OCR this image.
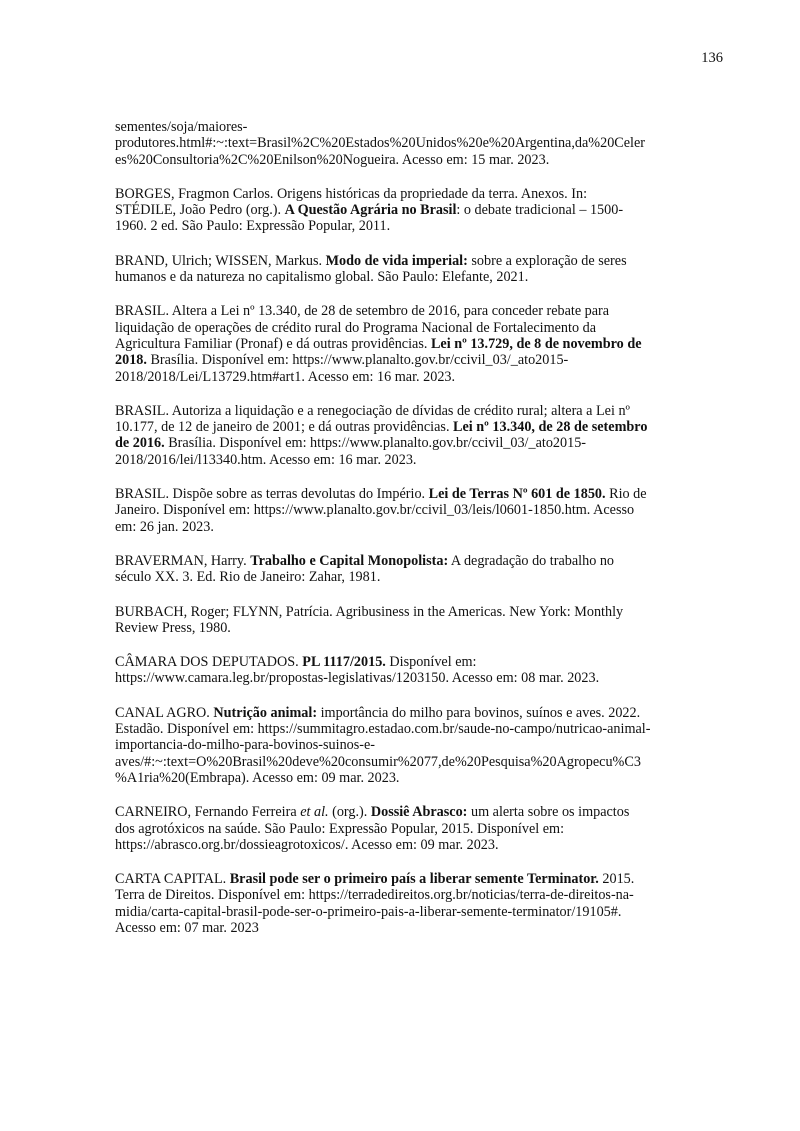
136

sementes/soja/maiores-
produtores.html#:~:text=Brasil%2C%20Estados%20Unidos%20e%20Argentina,da%20Celer
es%20Consultoria%2C%20Enilson%20Nogueira. Acesso em: 15 mar. 2023.

BORGES, Fragmon Carlos. Origens históricas da propriedade da terra. Anexos. In:
STÉDILE, João Pedro (org.). A Questão Agrária no Brasil: o debate tradicional – 1500-
1960. 2 ed. São Paulo: Expressão Popular, 2011.

BRAND, Ulrich; WISSEN, Markus. Modo de vida imperial: sobre a exploração de seres
humanos e da natureza no capitalismo global. São Paulo: Elefante, 2021.

BRASIL. Altera a Lei nº 13.340, de 28 de setembro de 2016, para conceder rebate para
liquidação de operações de crédito rural do Programa Nacional de Fortalecimento da
Agricultura Familiar (Pronaf) e dá outras providências. Lei nº 13.729, de 8 de novembro de
2018. Brasília. Disponível em: https://www.planalto.gov.br/ccivil_03/_ato2015-
2018/2018/Lei/L13729.htm#art1. Acesso em: 16 mar. 2023.

BRASIL. Autoriza a liquidação e a renegociação de dívidas de crédito rural; altera a Lei nº
10.177, de 12 de janeiro de 2001; e dá outras providências. Lei nº 13.340, de 28 de setembro
de 2016. Brasília. Disponível em: https://www.planalto.gov.br/ccivil_03/_ato2015-
2018/2016/lei/l13340.htm. Acesso em: 16 mar. 2023.

BRASIL. Dispõe sobre as terras devolutas do Império. Lei de Terras Nº 601 de 1850. Rio de
Janeiro. Disponível em: https://www.planalto.gov.br/ccivil_03/leis/l0601-1850.htm. Acesso
em: 26 jan. 2023.

BRAVERMAN, Harry. Trabalho e Capital Monopolista: A degradação do trabalho no
século XX. 3. Ed. Rio de Janeiro: Zahar, 1981.

BURBACH, Roger; FLYNN, Patrícia. Agribusiness in the Americas. New York: Monthly
Review Press, 1980.

CÂMARA DOS DEPUTADOS. PL 1117/2015. Disponível em:
https://www.camara.leg.br/propostas-legislativas/1203150. Acesso em: 08 mar. 2023.

CANAL AGRO. Nutrição animal: importância do milho para bovinos, suínos e aves. 2022.
Estadão. Disponível em: https://summitagro.estadao.com.br/saude-no-campo/nutricao-animal-
importancia-do-milho-para-bovinos-suinos-e-
aves/#:~:text=O%20Brasil%20deve%20consumir%2077,de%20Pesquisa%20Agropecu%C3
%A1ria%20(Embrapa). Acesso em: 09 mar. 2023.

CARNEIRO, Fernando Ferreira et al. (org.). Dossiê Abrasco: um alerta sobre os impactos
dos agrotóxicos na saúde. São Paulo: Expressão Popular, 2015. Disponível em:
https://abrasco.org.br/dossieagrotoxicos/. Acesso em: 09 mar. 2023.

CARTA CAPITAL. Brasil pode ser o primeiro país a liberar semente Terminator. 2015.
Terra de Direitos. Disponível em: https://terradedireitos.org.br/noticias/terra-de-direitos-na-
midia/carta-capital-brasil-pode-ser-o-primeiro-pais-a-liberar-semente-terminator/19105#.
Acesso em: 07 mar. 2023
